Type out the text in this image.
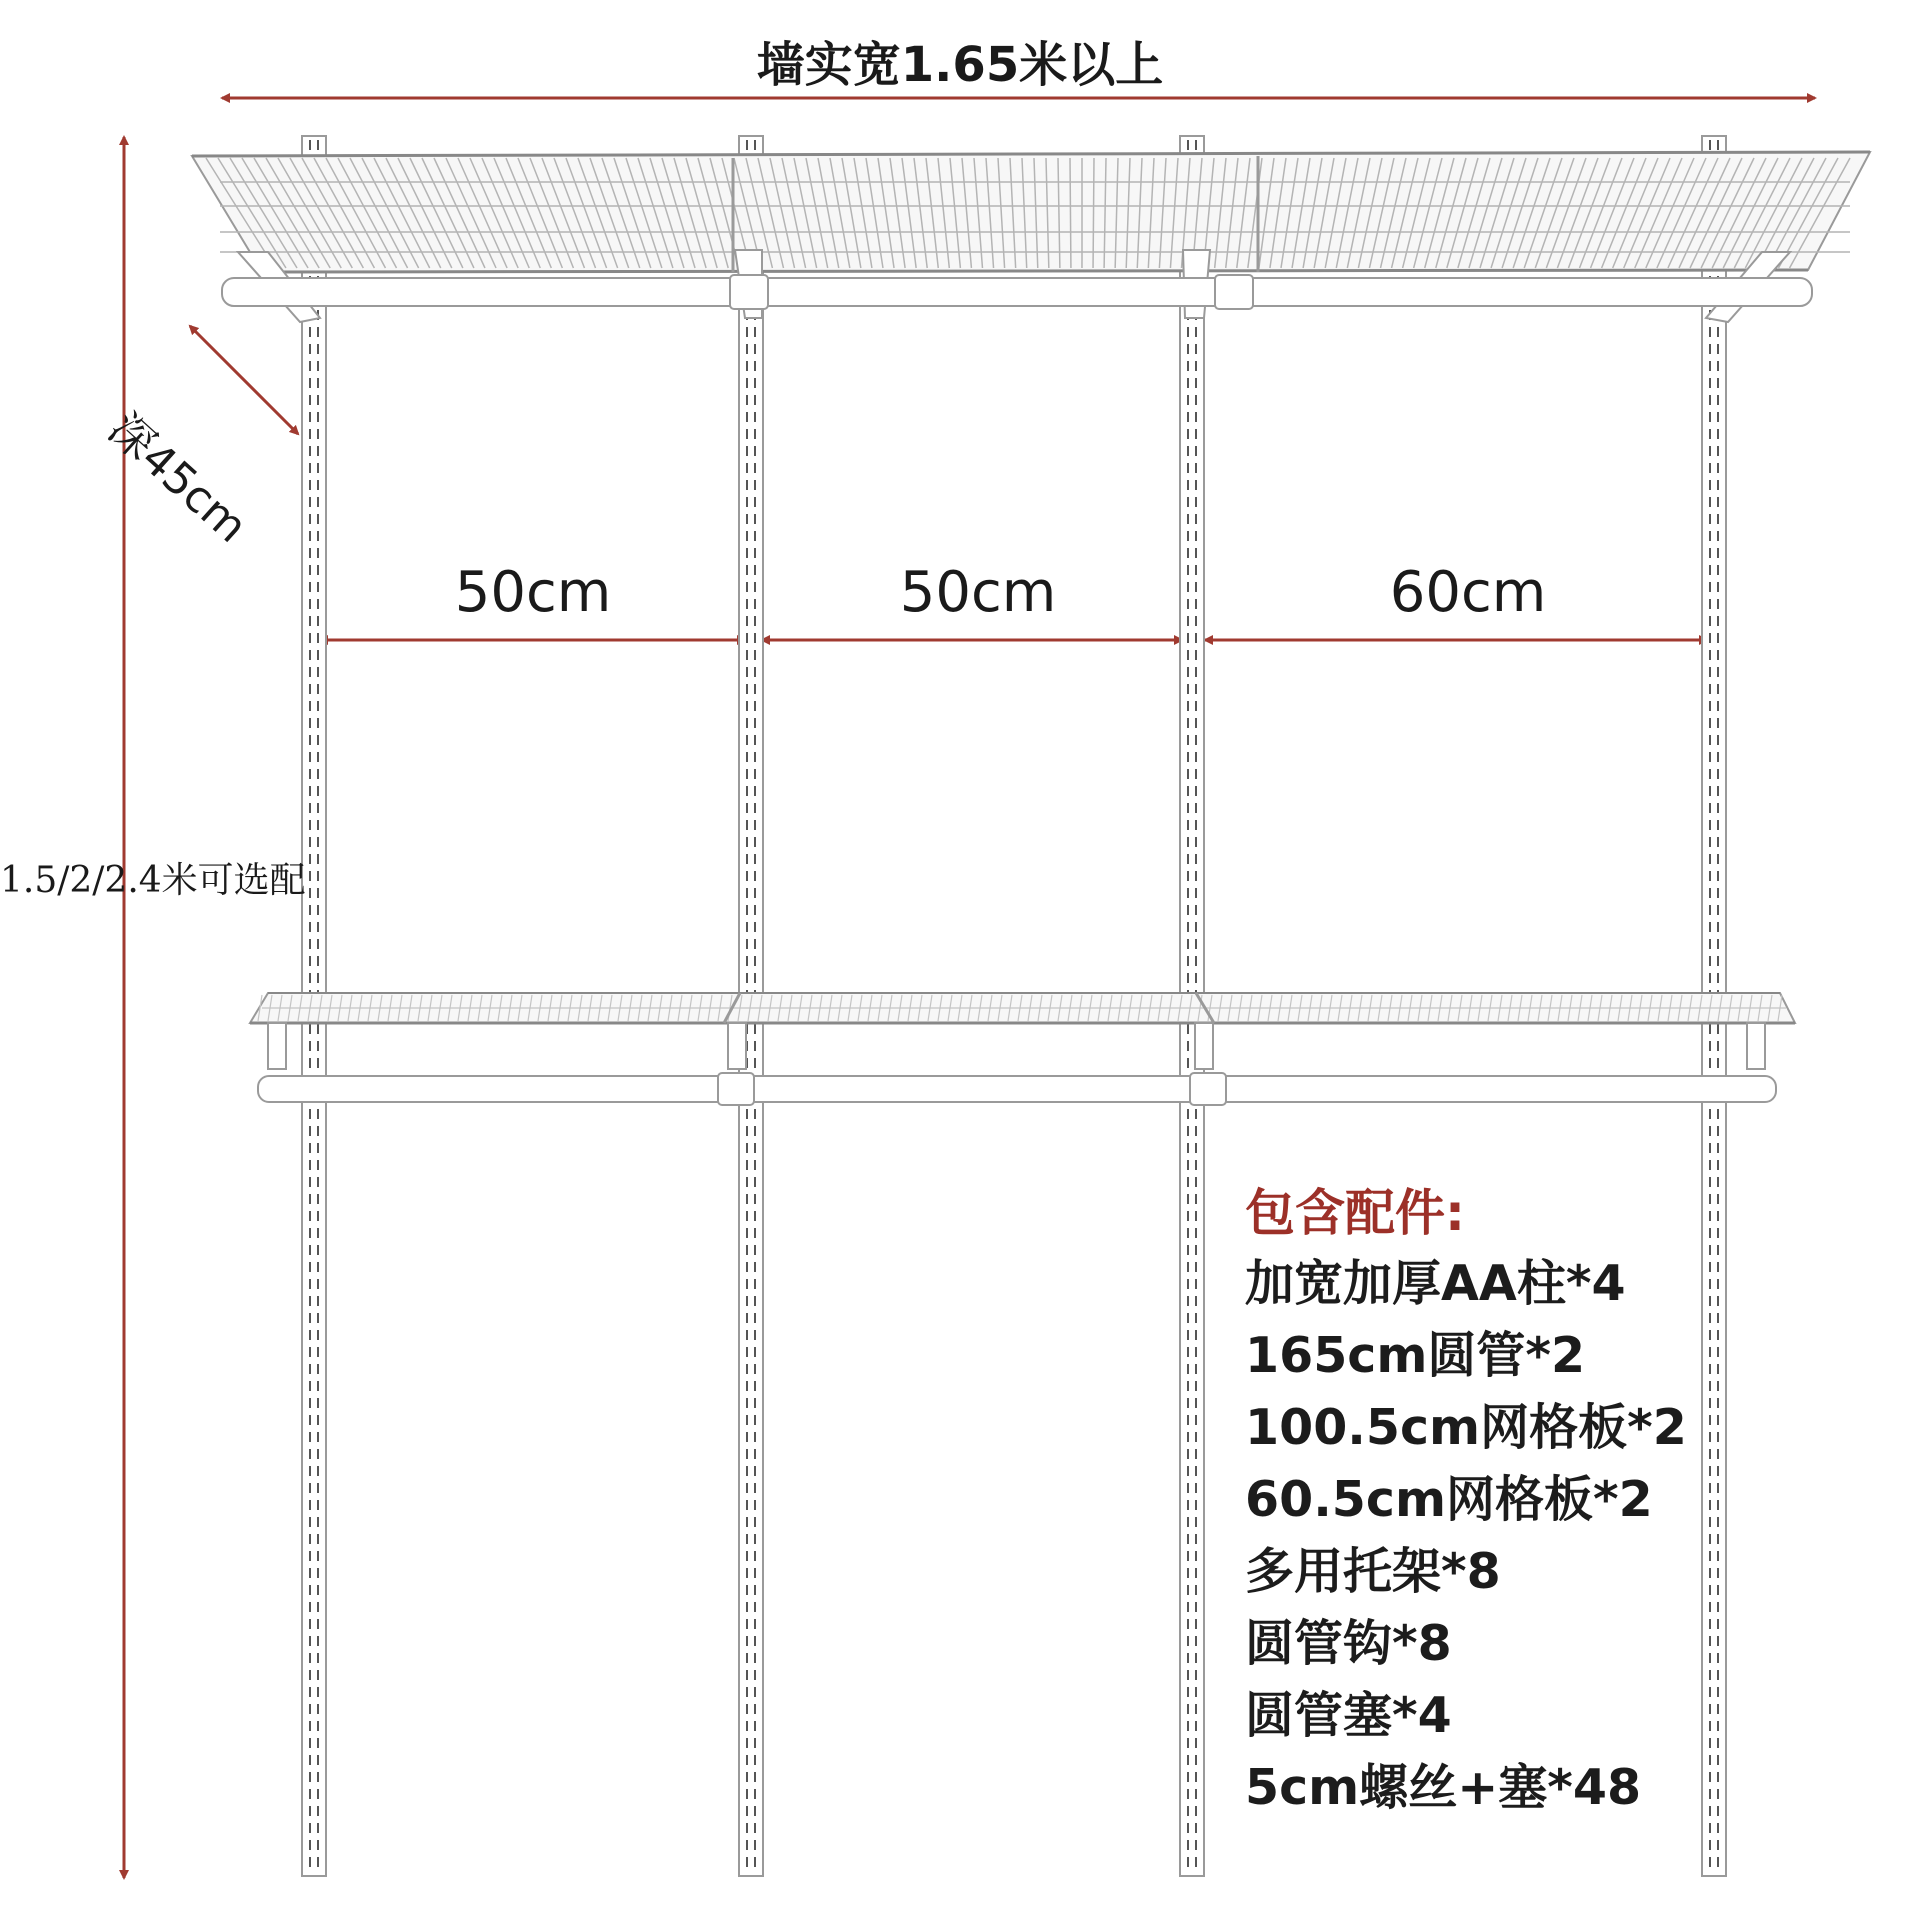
墙实宽1.65米以上
深45cm
1.5/2/2.4米可选配
50cm	50cm	60cm
包含配件:
加宽加厚AA柱*4
165cm圆管*2
100.5cm网格板*2
60.5cm网格板*2
多用托架*8
圆管钩*8
圆管塞*4
5cm螺丝+塞*48
